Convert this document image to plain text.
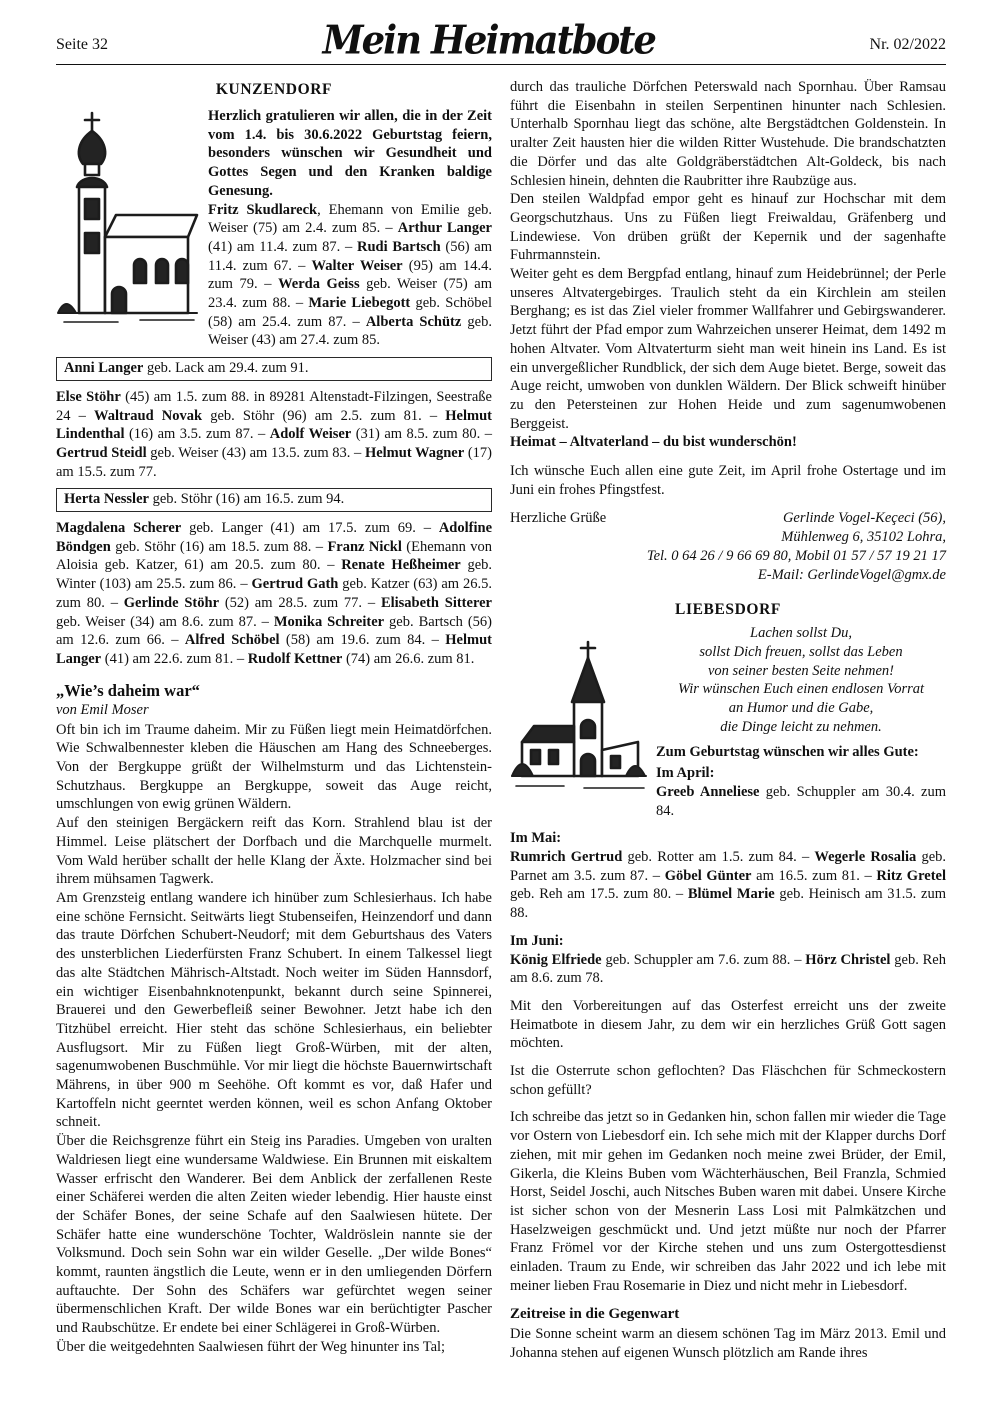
Seite 32	Mein Heimatbote	Nr. 02/2022
KUNZENDORF

Herzlich gratulieren wir allen, die in der Zeit vom 1.4. bis 30.6.2022 Geburtstag feiern, besonders wünschen wir Gesundheit und Gottes Segen und den Kranken baldige Genesung.

Fritz Skudlareck, Ehemann von Emilie geb. Weiser (75) am 2.4. zum 85. – Arthur Langer (41) am 11.4. zum 87. – Rudi Bartsch (56) am 11.4. zum 67. – Walter Weiser (95) am 14.4. zum 79. – Werda Geiss geb. Weiser (75) am 23.4. zum 88. – Marie Liebegott geb. Schöbel (58) am 25.4. zum 87. – Alberta Schütz geb. Weiser (43) am 27.4. zum 85.

Anni Langer geb. Lack am 29.4. zum 91.

Else Stöhr (45) am 1.5. zum 88. in 89281 Altenstadt-Filzingen, Seestraße 24 – Waltraud Novak geb. Stöhr (96) am 2.5. zum 81. – Helmut Lindenthal (16) am 3.5. zum 87. – Adolf Weiser (31) am 8.5. zum 80. – Gertrud Steidl geb. Weiser (43) am 13.5. zum 83. – Helmut Wagner (17) am 15.5. zum 77.

Herta Nessler geb. Stöhr (16) am 16.5. zum 94.

Magdalena Scherer geb. Langer (41) am 17.5. zum 69. – Adolfine Böndgen geb. Stöhr (16) am 18.5. zum 88. – Franz Nickl (Ehemann von Aloisia geb. Katzer, 61) am 20.5. zum 80. – Renate Heßheimer geb. Winter (103) am 25.5. zum 86. – Gertrud Gath geb. Katzer (63) am 26.5. zum 80. – Gerlinde Stöhr (52) am 28.5. zum 77. – Elisabeth Sitterer geb. Weiser (34) am 8.6. zum 87. – Monika Schreiter geb. Bartsch (56) am 12.6. zum 66. – Alfred Schöbel (58) am 19.6. zum 84. – Helmut Langer (41) am 22.6. zum 81. – Rudolf Kettner (74) am 26.6. zum 81.

„Wie’s daheim war“

von Emil Moser

Oft bin ich im Traume daheim. Mir zu Füßen liegt mein Heimatdörfchen. Wie Schwalbennester kleben die Häuschen am Hang des Schneeberges. Von der Bergkuppe grüßt der Wilhelmsturm und das Lichtenstein-Schutzhaus. Bergkuppe an Bergkuppe, soweit das Auge reicht, umschlungen von ewig grünen Wäldern.

Auf den steinigen Bergäckern reift das Korn. Strahlend blau ist der Himmel. Leise plätschert der Dorfbach und die Marchquelle murmelt. Vom Wald herüber schallt der helle Klang der Äxte. Holzmacher sind bei ihrem mühsamen Tagwerk.

Am Grenzsteig entlang wandere ich hinüber zum Schlesierhaus. Ich habe eine schöne Fernsicht. Seitwärts liegt Stubenseifen, Heinzendorf und dann das traute Dörfchen Schubert-Neudorf; mit dem Geburtshaus des Vaters des unsterblichen Liederfürsten Franz Schubert. In einem Talkessel liegt das alte Städtchen Mährisch-Altstadt. Noch weiter im Süden Hannsdorf, ein wichtiger Eisenbahnknotenpunkt, bekannt durch seine Spinnerei, Brauerei und den Gewerbefleiß seiner Bewohner. Jetzt habe ich den Titzhübel erreicht. Hier steht das schöne Schlesierhaus, ein beliebter Ausflugsort. Mir zu Füßen liegt Groß-Würben, mit der alten, sagenumwobenen Buschmühle. Vor mir liegt die höchste Bauernwirtschaft Mährens, in über 900 m Seehöhe. Oft kommt es vor, daß Hafer und Kartoffeln nicht geerntet werden können, weil es schon Anfang Oktober schneit.

Über die Reichsgrenze führt ein Steig ins Paradies. Umgeben von uralten Waldriesen liegt eine wundersame Waldwiese. Ein Brunnen mit eiskaltem Wasser erfrischt den Wanderer. Bei dem Anblick der zerfallenen Reste einer Schäferei werden die alten Zeiten wieder lebendig. Hier hauste einst der Schäfer Bones, der seine Schafe auf den Saalwiesen hütete. Der Schäfer hatte eine wunderschöne Tochter, Waldröslein nannte sie der Volksmund. Doch sein Sohn war ein wilder Geselle. „Der wilde Bones“ kommt, raunten ängstlich die Leute, wenn er in den umliegenden Dörfern auftauchte. Der Sohn des Schäfers war gefürchtet wegen seiner übermenschlichen Kraft. Der wilde Bones war ein berüchtigter Pascher und Raubschütze. Er endete bei einer Schlägerei in Groß-Würben.

Über die weitgedehnten Saalwiesen führt der Weg hinunter ins Tal;

durch das trauliche Dörfchen Peterswald nach Spornhau. Über Ramsau führt die Eisenbahn in steilen Serpentinen hinunter nach Schlesien. Unterhalb Spornhau liegt das schöne, alte Bergstädtchen Goldenstein. In uralter Zeit hausten hier die wilden Ritter Wustehude. Die brandschatzten die Dörfer und das alte Goldgräberstädtchen Alt-Goldeck, bis nach Schlesien hinein, dehnten die Raubritter ihre Raubzüge aus.

Den steilen Waldpfad empor geht es hinauf zur Hochschar mit dem Georgschutzhaus. Uns zu Füßen liegt Freiwaldau, Gräfenberg und Lindewiese. Von drüben grüßt der Kepernik und der sagenhafte Fuhrmannstein.

Weiter geht es dem Bergpfad entlang, hinauf zum Heidebrünnel; der Perle unseres Altvatergebirges. Traulich steht da ein Kirchlein am steilen Berghang; es ist das Ziel vieler frommer Wallfahrer und Gebirgswanderer. Jetzt führt der Pfad empor zum Wahrzeichen unserer Heimat, dem 1492 m hohen Altvater. Vom Altvaterturm sieht man weit hinein ins Land. Es ist ein unvergeßlicher Rundblick, der sich dem Auge bietet. Berge, soweit das Auge reicht, umwoben von dunklen Wäldern. Der Blick schweift hinüber zu den Petersteinen zur Hohen Heide und zum sagenumwobenen Berggeist.

Heimat – Altvaterland – du bist wunderschön!

Ich wünsche Euch allen eine gute Zeit, im April frohe Ostertage und im Juni ein frohes Pfingstfest.

Herzliche Grüße	Gerlinde Vogel-Keçeci (56),
Mühlenweg 6, 35102 Lohra,
Tel. 0 64 26 / 9 66 69 80, Mobil 01 57 / 57 19 21 17
E-Mail: GerlindeVogel@gmx.de
LIEBESDORF
Lachen sollst Du,
sollst Dich freuen, sollst das Leben
von seiner besten Seite nehmen!
Wir wünschen Euch einen endlosen Vorrat
an Humor und die Gabe,
die Dinge leicht zu nehmen.

Zum Geburtstag wünschen wir alles Gute:

Im April:

Greeb Anneliese geb. Schuppler am 30.4. zum 84.

Im Mai:

Rumrich Gertrud geb. Rotter am 1.5. zum 84. – Wegerle Rosalia geb. Parnet am 3.5. zum 87. – Göbel Günter am 16.5. zum 81. – Ritz Gretel geb. Reh am 17.5. zum 80. – Blümel Marie geb. Heinisch am 31.5. zum 88.

Im Juni:

König Elfriede geb. Schuppler am 7.6. zum 88. – Hörz Christel geb. Reh am 8.6. zum 78.

Mit den Vorbereitungen auf das Osterfest erreicht uns der zweite Heimatbote in diesem Jahr, zu dem wir ein herzliches Grüß Gott sagen möchten.

Ist die Osterrute schon geflochten? Das Fläschchen für Schmeckostern schon gefüllt?

Ich schreibe das jetzt so in Gedanken hin, schon fallen mir wieder die Tage vor Ostern von Liebesdorf ein. Ich sehe mich mit der Klapper durchs Dorf ziehen, mit mir gehen im Gedanken noch meine zwei Brüder, der Emil, Gikerla, die Kleins Buben vom Wächterhäuschen, Beil Franzla, Schmied Horst, Seidel Joschi, auch Nitsches Buben waren mit dabei. Unsere Kirche ist sicher schon von der Mesnerin Lass Losi mit Palmkätzchen und Haselzweigen geschmückt und. Und jetzt müßte nur noch der Pfarrer Franz Frömel vor der Kirche stehen und uns zum Ostergottesdienst einladen. Traum zu Ende, wir schreiben das Jahr 2022 und ich lebe mit meiner lieben Frau Rosemarie in Diez und nicht mehr in Liebesdorf.

Zeitreise in die Gegenwart

Die Sonne scheint warm an diesem schönen Tag im März 2013. Emil und Johanna stehen auf eigenen Wunsch plötzlich am Rande ihres
